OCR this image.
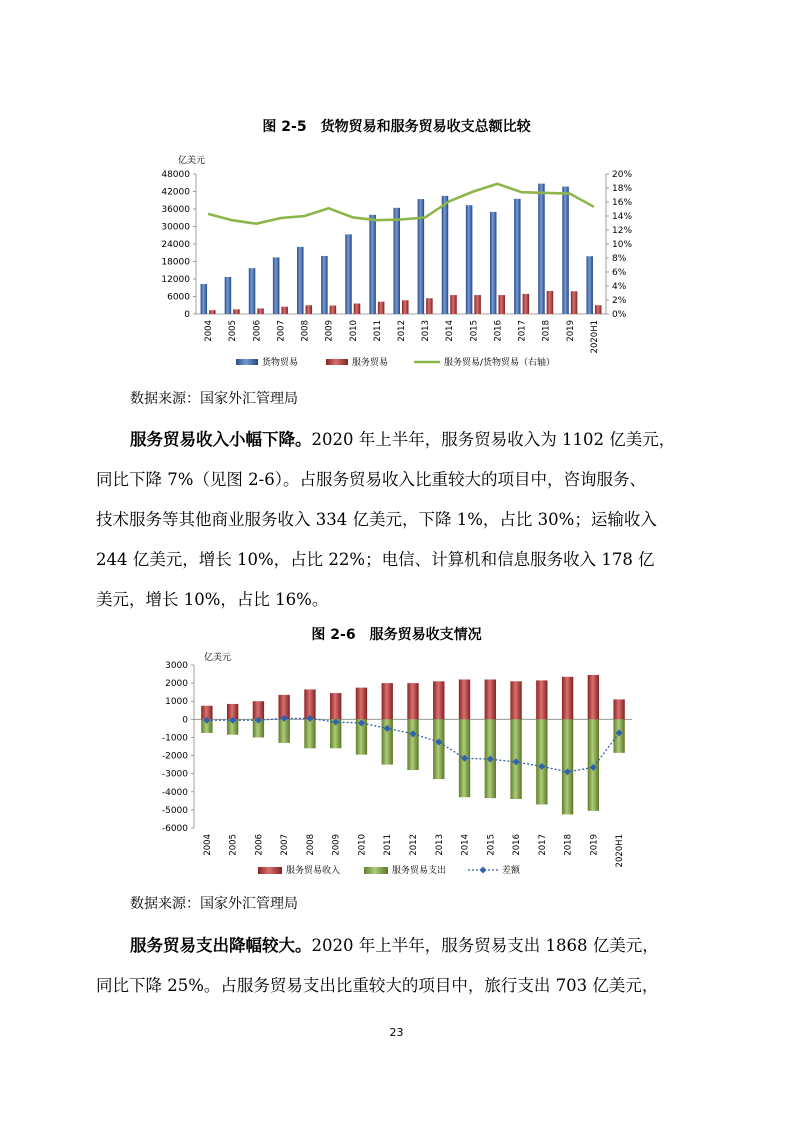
图 2-5　货物贸易和服务贸易收支总额比较
亿美元
48000
42000
36000
30000
24000
18000
12000
6000
0
20%
18%
16%
14%
12%
10%
8%
6%
4%
2%
0%
2004 2005 2006 2007 2008 2009 2010 2011 2012 2013 2014 2015 2016 2017 2018 2019 2020H1
货物贸易	服务贸易	服务贸易/货物贸易（右轴）
数据来源：国家外汇管理局
服务贸易收入小幅下降。2020 年上半年，服务贸易收入为 1102 亿美元，
同比下降 7%（见图 2-6）。占服务贸易收入比重较大的项目中，咨询服务、
技术服务等其他商业服务收入 334 亿美元，下降 1%，占比 30%；运输收入
244 亿美元，增长 10%，占比 22%；电信、计算机和信息服务收入 178 亿
美元，增长 10%，占比 16%。
图 2-6　服务贸易收支情况
亿美元
3000
2000
1000
0
-1000
-2000
-3000
-4000
-5000
-6000
2004 2005 2006 2007 2008 2009 2010 2011 2012 2013 2014 2015 2016 2017 2018 2019 2020H1
服务贸易收入	服务贸易支出	差额
数据来源：国家外汇管理局
服务贸易支出降幅较大。2020 年上半年，服务贸易支出 1868 亿美元，
同比下降 25%。占服务贸易支出比重较大的项目中，旅行支出 703 亿美元，
23
